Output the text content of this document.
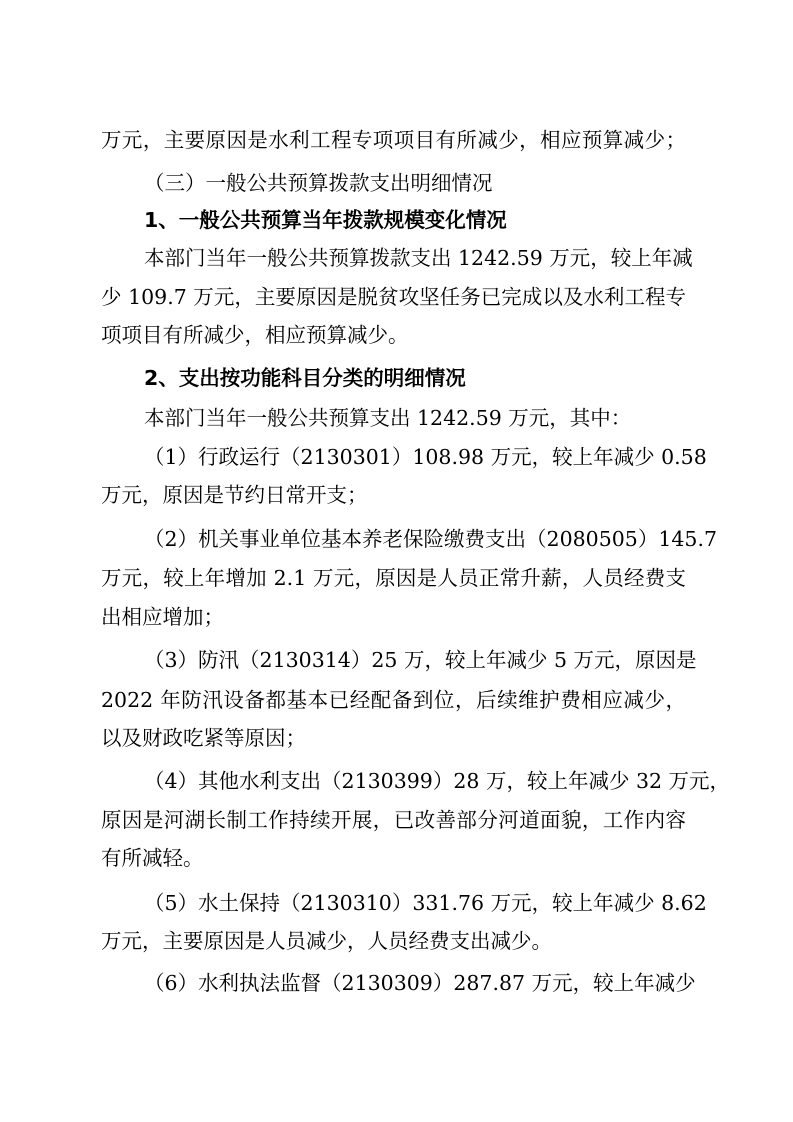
万元，主要原因是水利工程专项项目有所减少，相应预算减少；
（三）一般公共预算拨款支出明细情况
1、一般公共预算当年拨款规模变化情况
本部门当年一般公共预算拨款支出 1242.59 万元，较上年减
少 109.7 万元，主要原因是脱贫攻坚任务已完成以及水利工程专
项项目有所减少，相应预算减少。
2、支出按功能科目分类的明细情况
本部门当年一般公共预算支出 1242.59 万元，其中：
（1）行政运行（2130301）108.98 万元，较上年减少 0.58
万元，原因是节约日常开支；
（2）机关事业单位基本养老保险缴费支出（2080505）145.7
万元，较上年增加 2.1 万元，原因是人员正常升薪，人员经费支
出相应增加；
（3）防汛（2130314）25 万，较上年减少 5 万元，原因是
2022 年防汛设备都基本已经配备到位，后续维护费相应减少，
以及财政吃紧等原因；
（4）其他水利支出（2130399）28 万，较上年减少 32 万元，
原因是河湖长制工作持续开展，已改善部分河道面貌，工作内容
有所减轻。
（5）水土保持（2130310）331.76 万元，较上年减少 8.62
万元，主要原因是人员减少，人员经费支出减少。
（6）水利执法监督（2130309）287.87 万元，较上年减少
